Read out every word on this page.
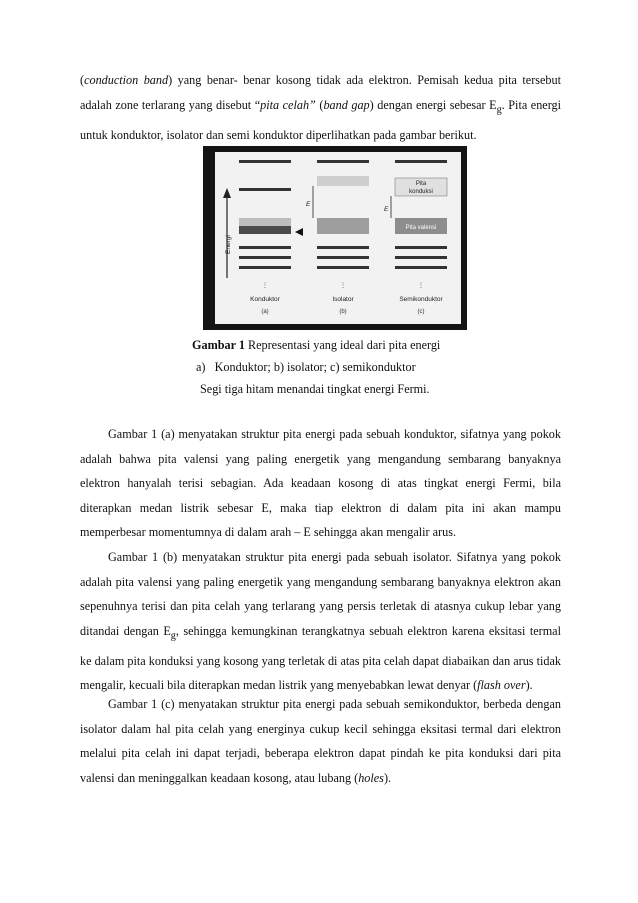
(conduction band) yang benar- benar kosong tidak ada elektron. Pemisah kedua pita tersebut adalah zone terlarang yang disebut “pita celah” (band gap) dengan energi sebesar $E_g$. Pita energi untuk konduktor, isolator dan semi konduktor diperlihatkan pada gambar berikut.

Energi
⋮
Konduktor
(a)
E
⋮
Isolator
(b)
Pita
konduksi
E
Pita valensi
⋮
Semikonduktor
(c)

Gambar 1 Representasi yang ideal dari pita energi

a) Konduktor; b) isolator; c) semikonduktor

Segi tiga hitam menandai tingkat energi Fermi.

Gambar 1 (a) menyatakan struktur pita energi pada sebuah konduktor, sifatnya yang pokok adalah bahwa pita valensi yang paling energetik yang mengandung sembarang banyaknya elektron hanyalah terisi sebagian. Ada keadaan kosong di atas tingkat energi Fermi, bila diterapkan medan listrik sebesar E, maka tiap elektron di dalam pita ini akan mampu memperbesar momentumnya di dalam arah – E sehingga akan mengalir arus.

Gambar 1 (b) menyatakan struktur pita energi pada sebuah isolator. Sifatnya yang pokok adalah pita valensi yang paling energetik yang mengandung sembarang banyaknya elektron akan sepenuhnya terisi dan pita celah yang terlarang yang persis terletak di atasnya cukup lebar yang ditandai dengan $E_g$, sehingga kemungkinan terangkatnya sebuah elektron karena eksitasi termal ke dalam pita konduksi yang kosong yang terletak di atas pita celah dapat diabaikan dan arus tidak mengalir, kecuali bila diterapkan medan listrik yang menyebabkan lewat denyar (flash over).

Gambar 1 (c) menyatakan struktur pita energi pada sebuah semikonduktor, berbeda dengan isolator dalam hal pita celah yang energinya cukup kecil sehingga eksitasi termal dari elektron melalui pita celah ini dapat terjadi, beberapa elektron dapat pindah ke pita konduksi dari pita valensi dan meninggalkan keadaan kosong, atau lubang (holes).
